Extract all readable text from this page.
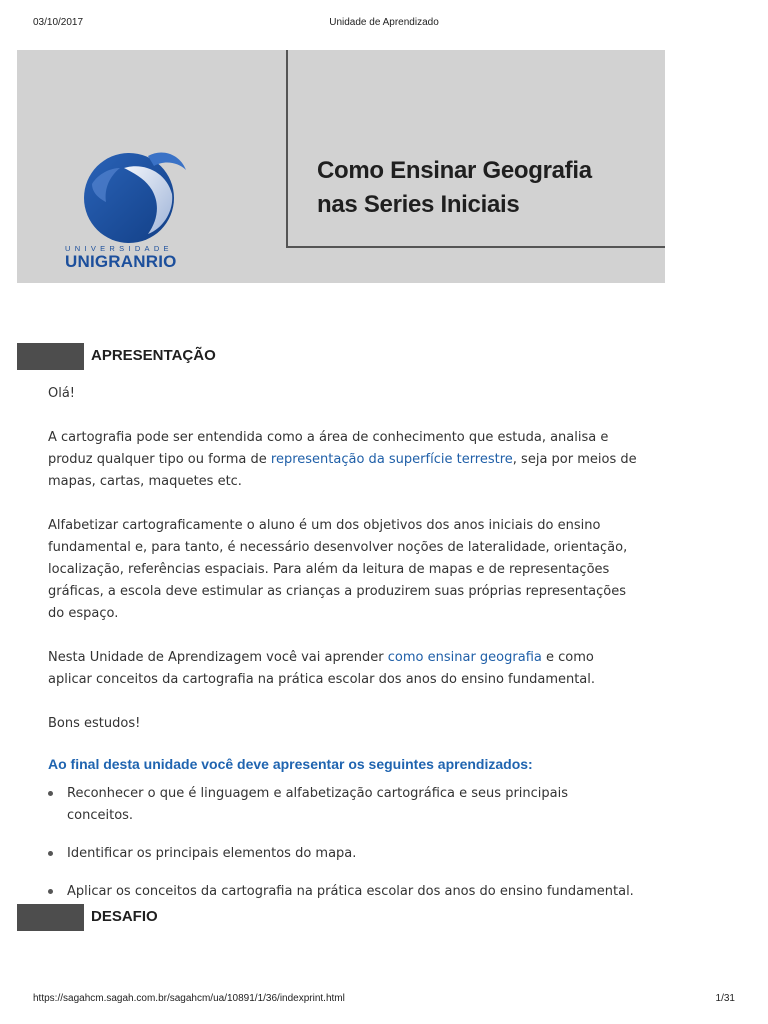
03/10/2017	Unidade de Aprendizado
UNIVERSIDADE
UNIGRANRIO
Como Ensinar Geografia
nas Series Iniciais
APRESENTAÇÃO

Olá!

A cartografia pode ser entendida como a área de conhecimento que estuda, analisa e produz qualquer tipo ou forma de representação da superfície terrestre, seja por meios de mapas, cartas, maquetes etc.

Alfabetizar cartograficamente o aluno é um dos objetivos dos anos iniciais do ensino fundamental e, para tanto, é necessário desenvolver noções de lateralidade, orientação, localização, referências espaciais. Para além da leitura de mapas e de representações gráficas, a escola deve estimular as crianças a produzirem suas próprias representações do espaço.

Nesta Unidade de Aprendizagem você vai aprender como ensinar geografia e como aplicar conceitos da cartografia na prática escolar dos anos do ensino fundamental.

Bons estudos!

Ao final desta unidade você deve apresentar os seguintes aprendizados:
Reconhecer o que é linguagem e alfabetização cartográfica e seus principais conceitos.
Identificar os principais elementos do mapa.
Aplicar os conceitos da cartografia na prática escolar dos anos do ensino fundamental.
DESAFIO
https://sagahcm.sagah.com.br/sagahcm/ua/10891/1/36/indexprint.html	1/31
